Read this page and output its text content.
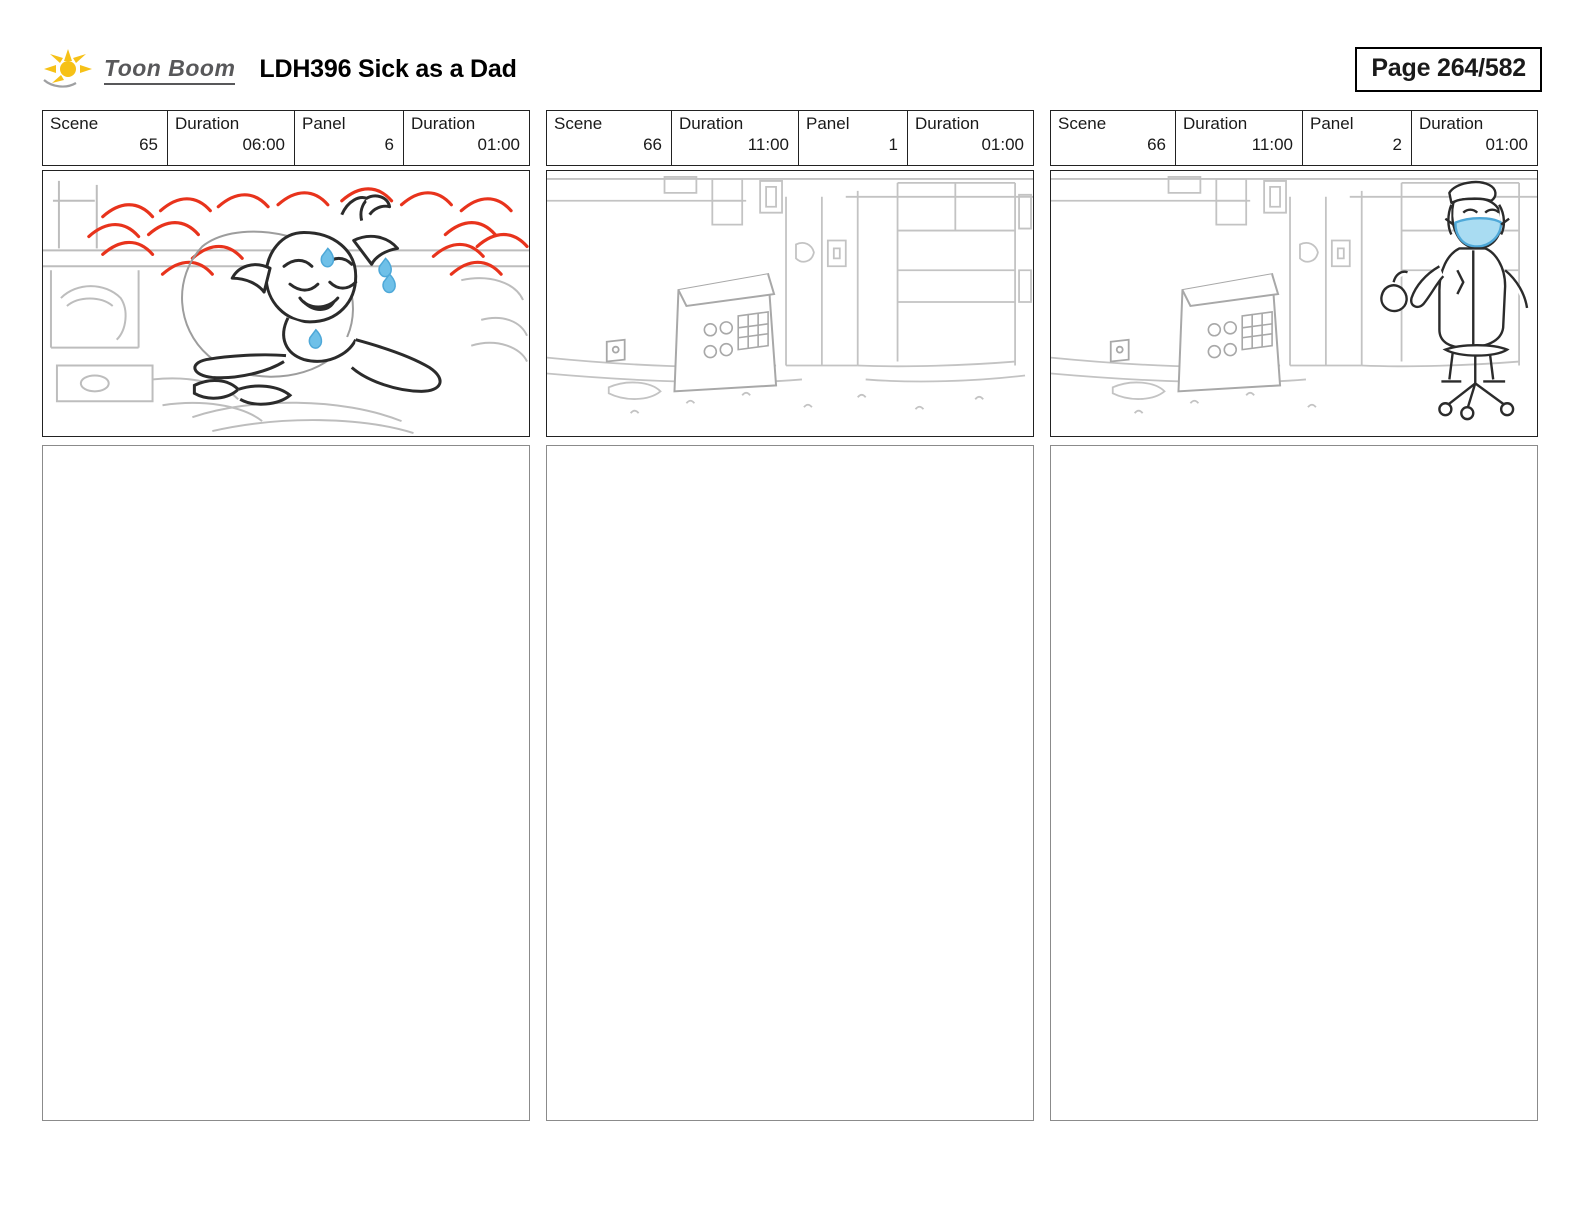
Toon Boom LDH396 Sick as a Dad	Page 264/582
Scene
65
Duration
06:00
Panel
6
Duration
01:00
Scene
66
Duration
11:00
Panel
1
Duration
01:00
Scene
66
Duration
11:00
Panel
2
Duration
01:00
